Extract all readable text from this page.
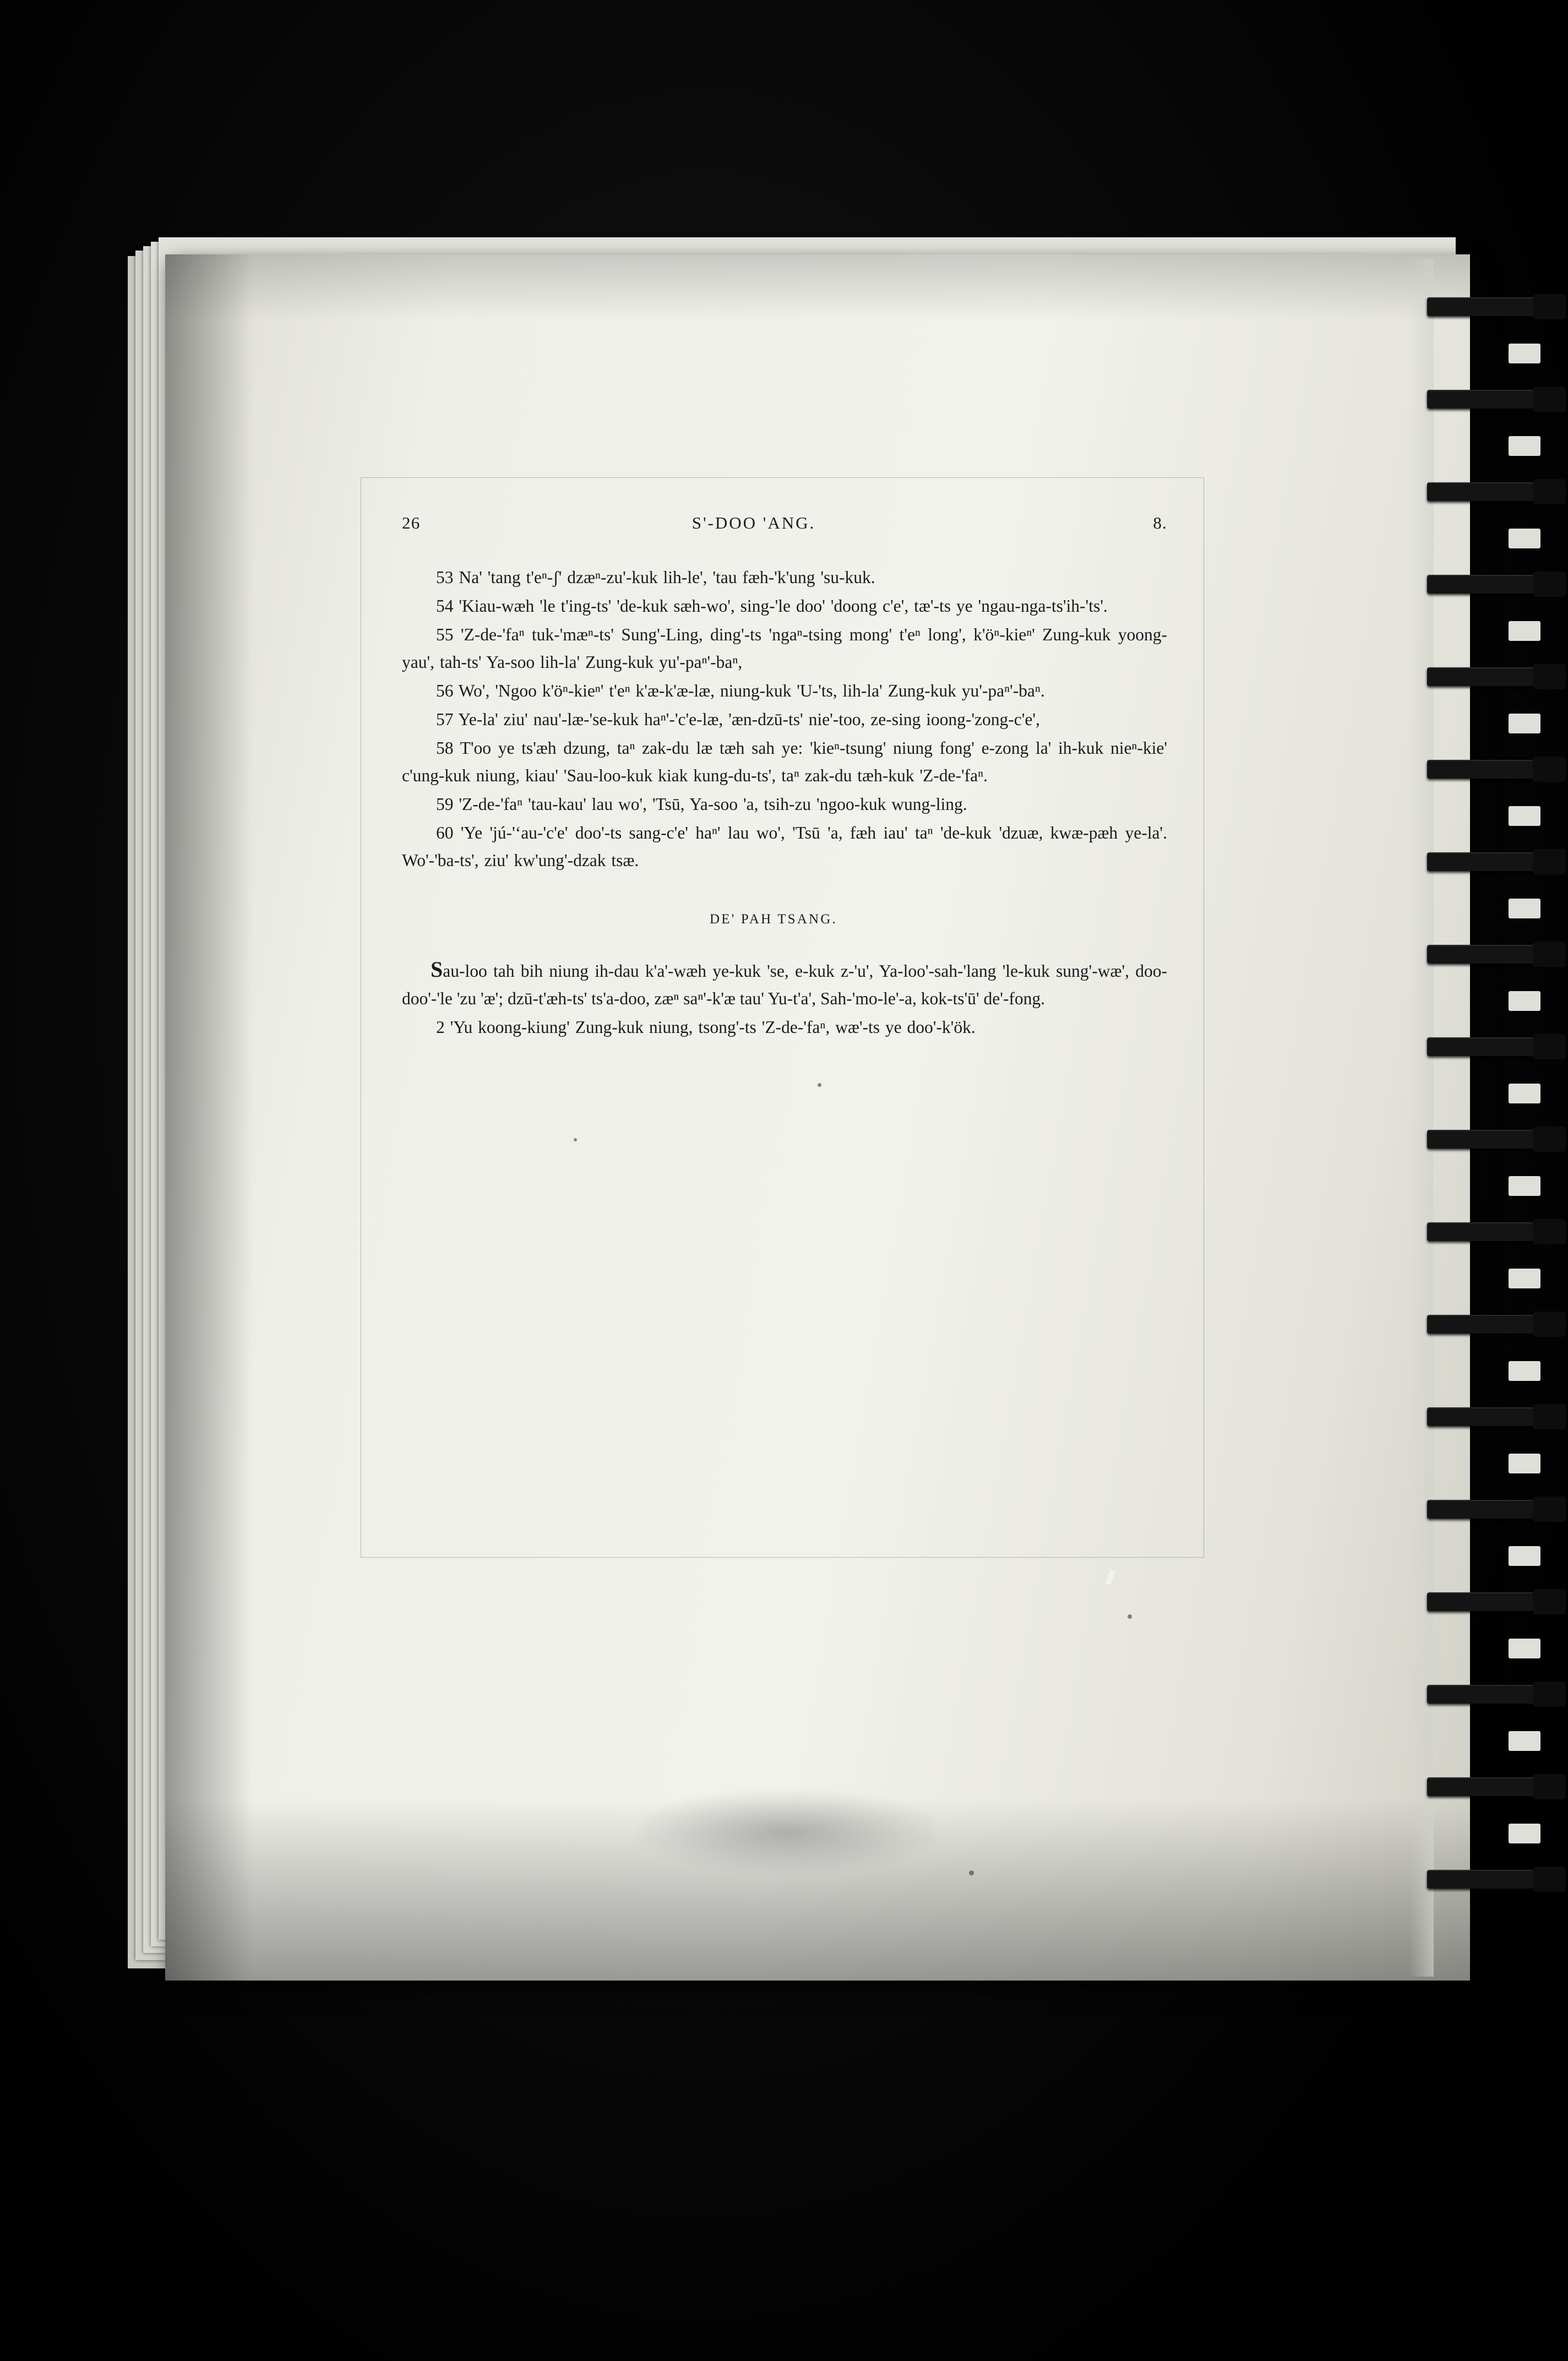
26	S'-DOO 'ANG.	8.

53 Na' 'tang t'eⁿ-ʃ' dzæⁿ-zu'-kuk lih-le', 'tau fæh-'k'ung 'su-kuk.

54 'Kiau-wæh 'le t'ing-ts' 'de-kuk sæh-wo', sing-'le doo' 'doong c'e', tæ'-ts ye 'ngau-nga-ts'ih-'ts'.

55 'Z-de-'faⁿ tuk-'mæⁿ-ts' Sung'-Ling, ding'-ts 'ngaⁿ-tsing mong' t'eⁿ long', k'öⁿ-kieⁿ' Zung-kuk yoong-yau', tah-ts' Ya-soo lih-la' Zung-kuk yu'-paⁿ'-baⁿ,

56 Wo', 'Ngoo k'öⁿ-kieⁿ' t'eⁿ k'æ-k'æ-læ, niung-kuk 'U-'ts, lih-la' Zung-kuk yu'-paⁿ'-baⁿ.

57 Ye-la' ziu' nau'-læ-'se-kuk haⁿ'-'c'e-læ, 'æn-dzū-ts' nie'-too, ze-sing ioong-'zong-c'e',

58 T'oo ye ts'æh dzung, taⁿ zak-du læ tæh sah ye: 'kieⁿ-tsung' niung fong' e-zong la' ih-kuk nieⁿ-kie' c'ung-kuk niung, kiau' 'Sau-loo-kuk kiak kung-du-ts', taⁿ zak-du tæh-kuk 'Z-de-'faⁿ.

59 'Z-de-'faⁿ 'tau-kau' lau wo', 'Tsū, Ya-soo 'a, tsih-zu 'ngoo-kuk wung-ling.

60 'Ye 'jú-'‘au-'c'e' doo'-ts sang-c'e' haⁿ' lau wo', 'Tsū 'a, fæh iau' taⁿ 'de-kuk 'dzuæ, kwæ-pæh ye-la'. Wo'-'ba-ts', ziu' kw'ung'-dzak tsæ.

DE' PAH TSANG.

Sau-loo tah bih niung ih-dau k'a'-wæh ye-kuk 'se, e-kuk z-'u', Ya-loo'-sah-'lang 'le-kuk sung'-wæ', doo-doo'-'le 'zu 'æ'; dzū-t'æh-ts' ts'a-doo, zæⁿ saⁿ'-k'æ tau' Yu-t'a', Sah-'mo-le'-a, kok-ts'ū' de'-fong.

2 'Yu koong-kiung' Zung-kuk niung, tsong'-ts 'Z-de-'faⁿ, wæ'-ts ye doo'-k'ök.
